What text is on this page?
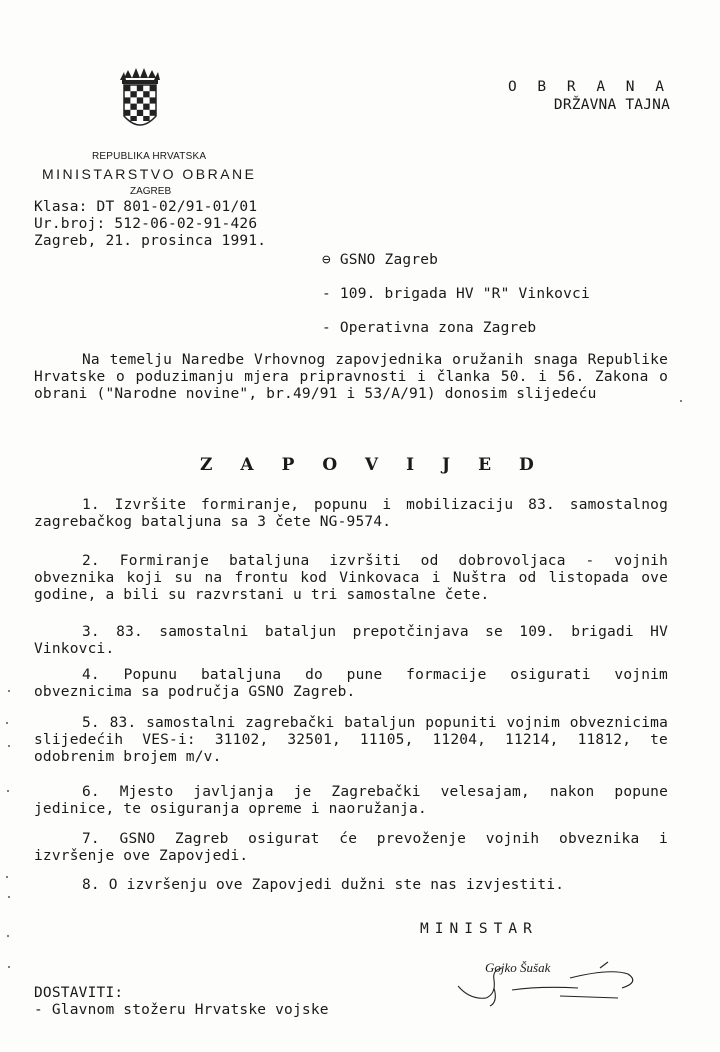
O B R A N A
DRŽAVNA TAJNA
REPUBLIKA HRVATSKA
MINISTARSTVO OBRANE
ZAGREB
Klasa: DT 801-02/91-01/01
Ur.broj: 512-06-02-91-426
Zagreb, 21. prosinca 1991.
⊖ GSNO Zagreb
- 109. brigada HV "R" Vinkovci
- Operativna zona Zagreb
Na temelju Naredbe Vrhovnog zapovjednika oružanih snaga Republike Hrvatske o poduzimanju mjera pripravnosti i članka 50. i 56. Zakona o obrani ("Narodne novine", br.49/91 i 53/A/91) donosim slijedeću
ZAPOVIJED
1. Izvršite formiranje, popunu i mobilizaciju 83. samostalnog zagrebačkog bataljuna sa 3 čete NG-9574.
2. Formiranje bataljuna izvršiti od dobrovoljaca - vojnih obveznika koji su na frontu kod Vinkovaca i Nuštra od listopada ove godine, a bili su razvrstani u tri samostalne čete.
3. 83. samostalni bataljun prepotčinjava se 109. brigadi HV Vinkovci.
4. Popunu bataljuna do pune formacije osigurati vojnim obveznicima sa područja GSNO Zagreb.
5. 83. samostalni zagrebački bataljun popuniti vojnim obveznicima slijedećih VES-i: 31102, 32501, 11105, 11204, 11214, 11812, te odobrenim brojem m/v.
6. Mjesto javljanja je Zagrebački velesajam, nakon popune jedinice, te osiguranja opreme i naoružanja.
7. GSNO Zagreb osigurat će prevoženje vojnih obveznika i izvršenje ove Zapovjedi.
8. O izvršenju ove Zapovjedi dužni ste nas izvjestiti.
MINISTAR
Gojko Šušak
DOSTAVITI:
- Glavnom stožeru Hrvatske vojske
